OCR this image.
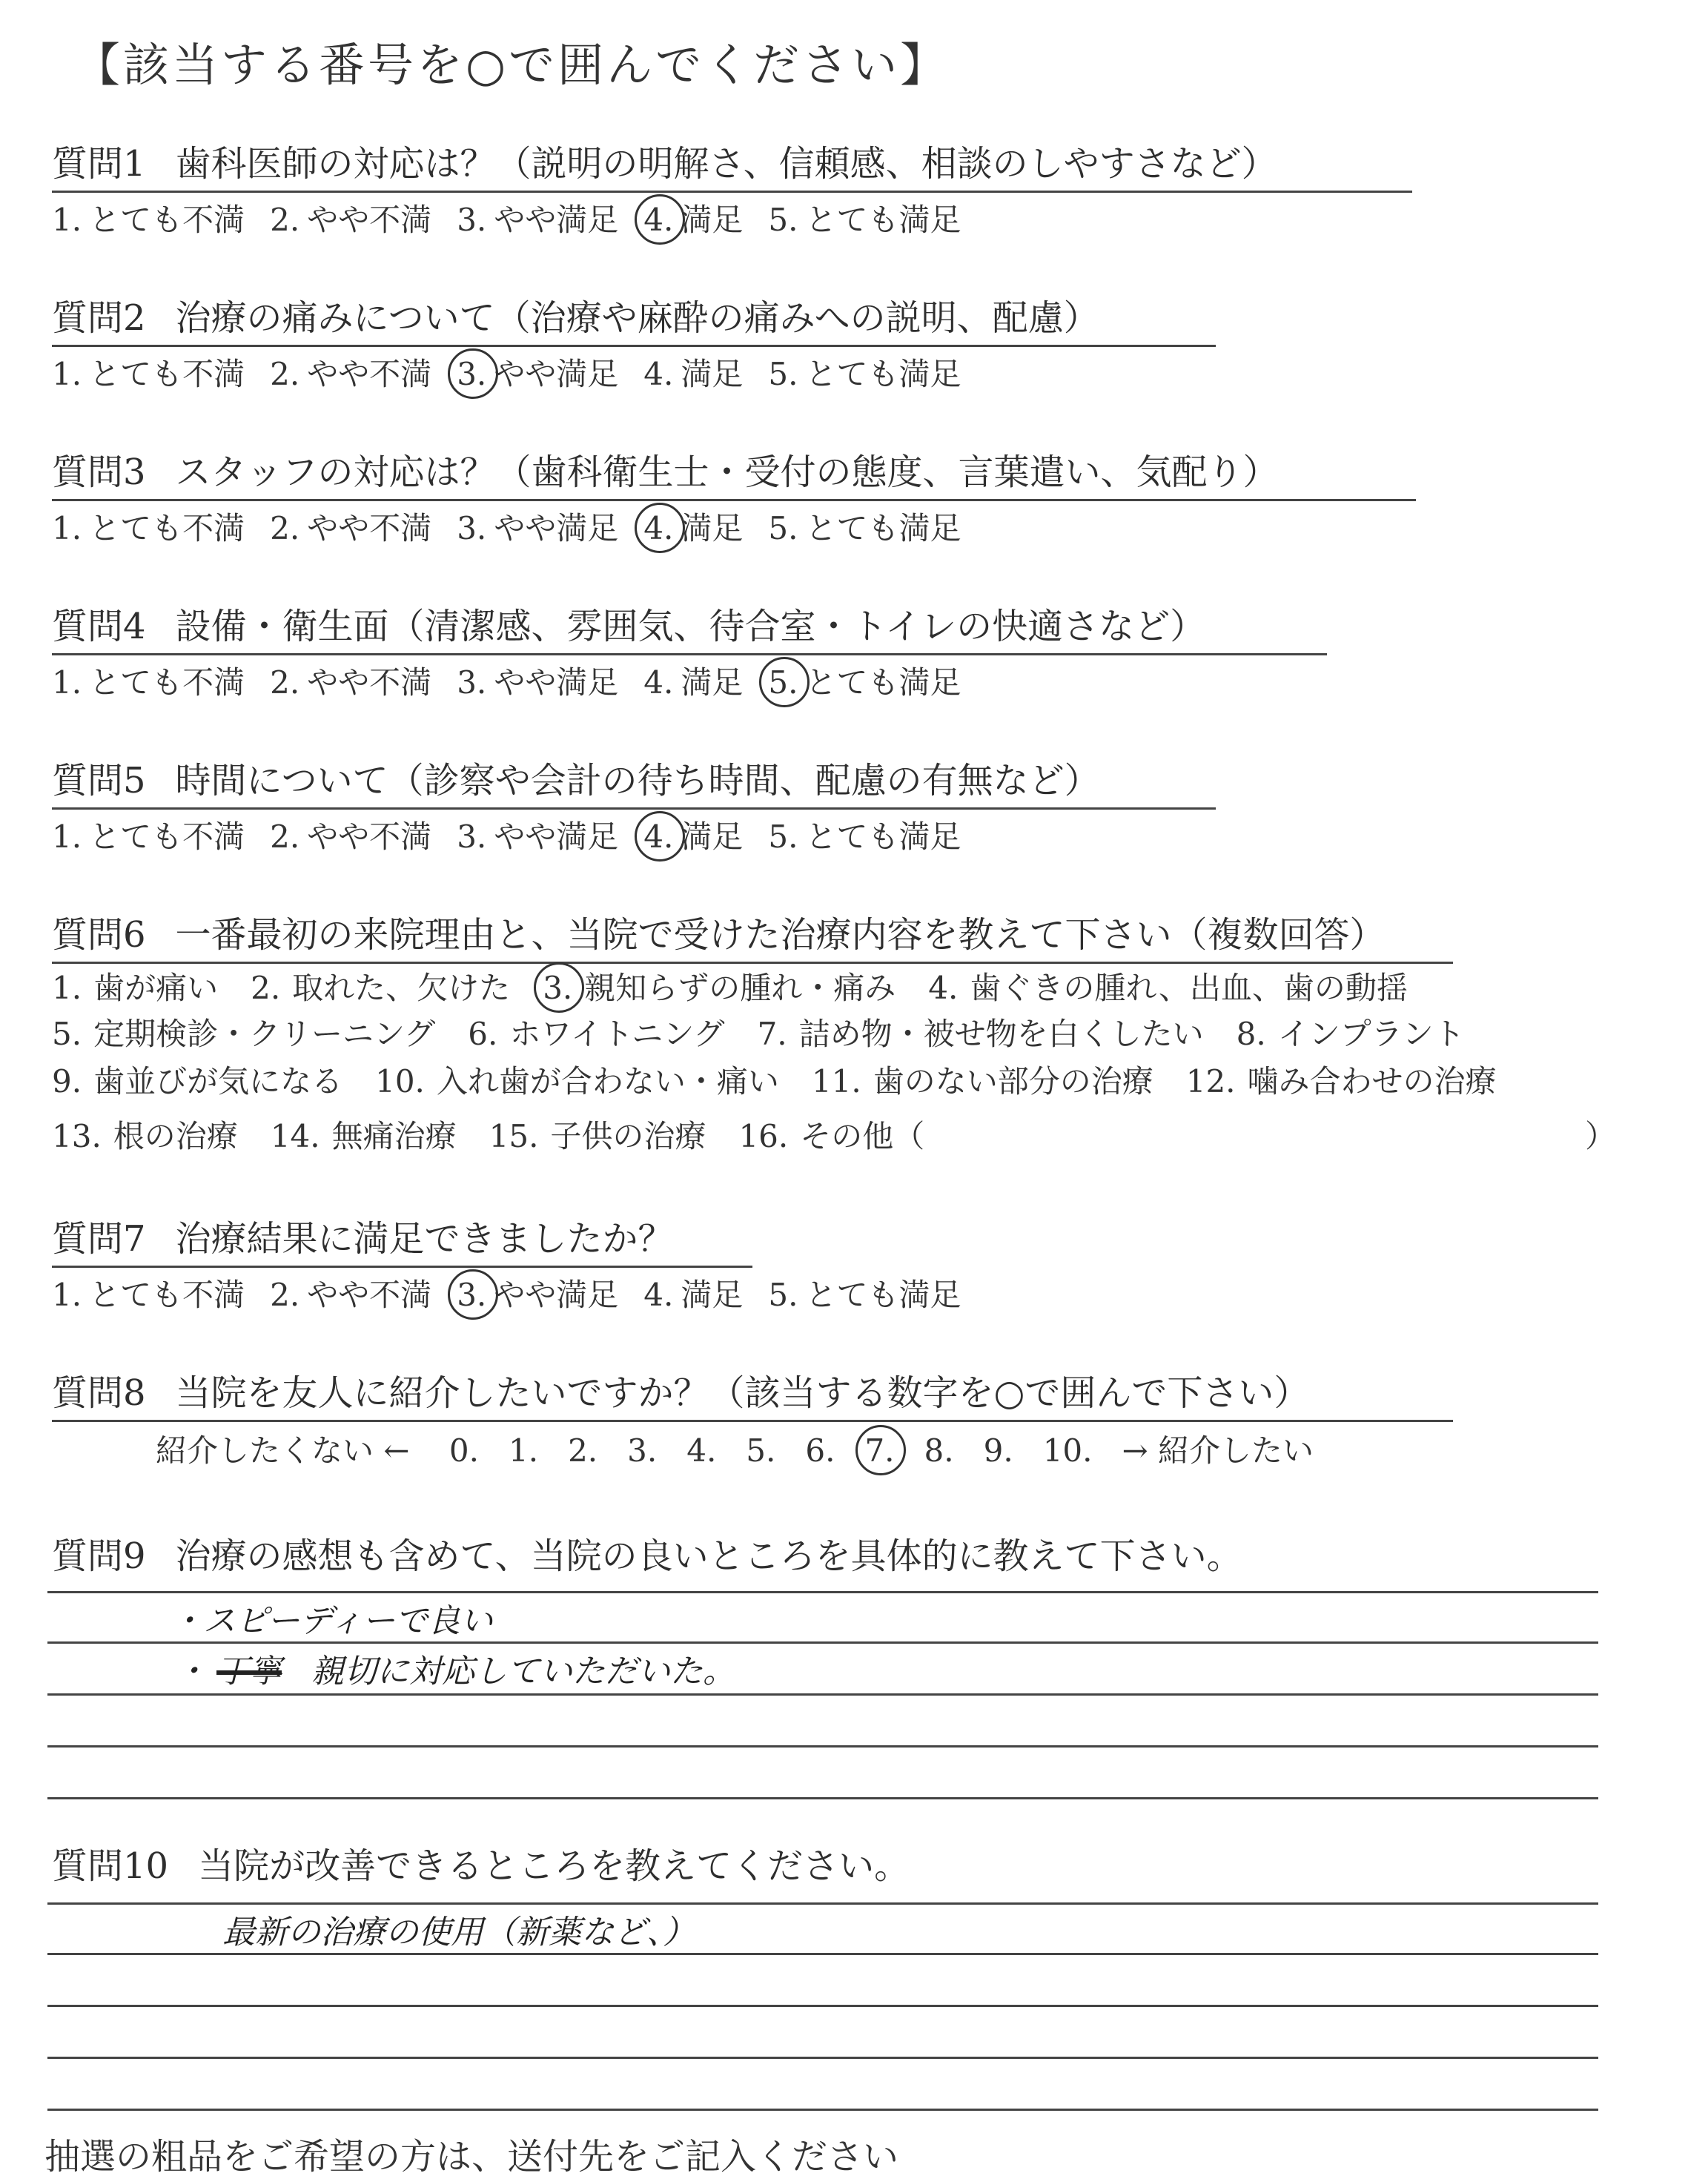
【該当する番号を○で囲んでください】
質問1 歯科医師の対応は？（説明の明解さ、信頼感、相談のしやすさなど）
1. とても不満 2. やや不満 3. やや満足 4. 満足 5. とても満足
質問2 治療の痛みについて（治療や麻酔の痛みへの説明、配慮）
1. とても不満 2. やや不満 3. やや満足 4. 満足 5. とても満足
質問3 スタッフの対応は？（歯科衛生士・受付の態度、言葉遣い、気配り）
1. とても不満 2. やや不満 3. やや満足 4. 満足 5. とても満足
質問4 設備・衛生面（清潔感、雰囲気、待合室・トイレの快適さなど）
1. とても不満 2. やや不満 3. やや満足 4. 満足 5. とても満足
質問5 時間について（診察や会計の待ち時間、配慮の有無など）
1. とても不満 2. やや不満 3. やや満足 4. 満足 5. とても満足
質問6 一番最初の来院理由と、当院で受けた治療内容を教えて下さい（複数回答）
1. 歯が痛い 2. 取れた、欠けた 3. 親知らずの腫れ・痛み 4. 歯ぐきの腫れ、出血、歯の動揺
5. 定期検診・クリーニング 6. ホワイトニング 7. 詰め物・被せ物を白くしたい 8. インプラント
9. 歯並びが気になる 10. 入れ歯が合わない・痛い 11. 歯のない部分の治療 12. 噛み合わせの治療
13. 根の治療 14. 無痛治療 15. 子供の治療 16. その他（	）
質問7 治療結果に満足できましたか？
1. とても不満 2. やや不満 3. やや満足 4. 満足 5. とても満足
質問8 当院を友人に紹介したいですか？（該当する数字を○で囲んで下さい）
紹介したくない ← 0. 1. 2. 3. 4. 5. 6. 7. 8. 9. 10. → 紹介したい
質問9 治療の感想も含めて、当院の良いところを具体的に教えて下さい。
・スピーディーで良い
・ 丁寧 親切に対応していただいた。
質問10 当院が改善できるところを教えてください。
最新の治療の使用（新薬など、）
抽選の粗品をご希望の方は、送付先をご記入ください
